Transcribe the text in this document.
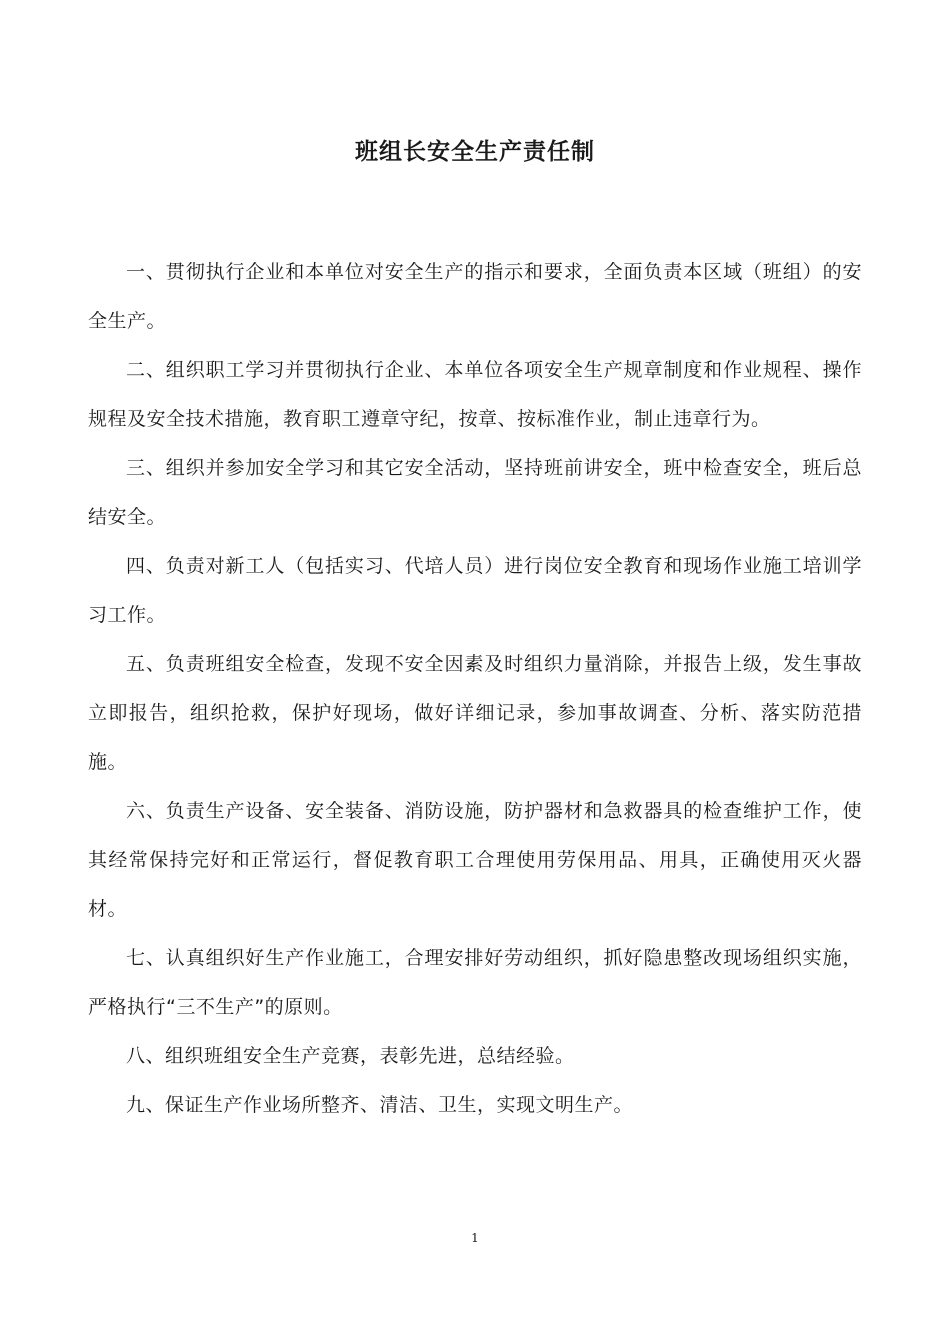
班组长安全生产责任制

一、贯彻执行企业和本单位对安全生产的指示和要求，全面负责本区域（班组）的安全生产。

二、组织职工学习并贯彻执行企业、本单位各项安全生产规章制度和作业规程、操作规程及安全技术措施，教育职工遵章守纪，按章、按标准作业，制止违章行为。

三、组织并参加安全学习和其它安全活动，坚持班前讲安全，班中检查安全，班后总结安全。

四、负责对新工人（包括实习、代培人员）进行岗位安全教育和现场作业施工培训学习工作。

五、负责班组安全检查，发现不安全因素及时组织力量消除，并报告上级，发生事故立即报告，组织抢救，保护好现场，做好详细记录，参加事故调查、分析、落实防范措施。

六、负责生产设备、安全装备、消防设施，防护器材和急救器具的检查维护工作，使其经常保持完好和正常运行，督促教育职工合理使用劳保用品、用具，正确使用灭火器材。

七、认真组织好生产作业施工，合理安排好劳动组织，抓好隐患整改现场组织实施，严格执行“三不生产”的原则。

八、组织班组安全生产竞赛，表彰先进，总结经验。

九、保证生产作业场所整齐、清洁、卫生，实现文明生产。

1
